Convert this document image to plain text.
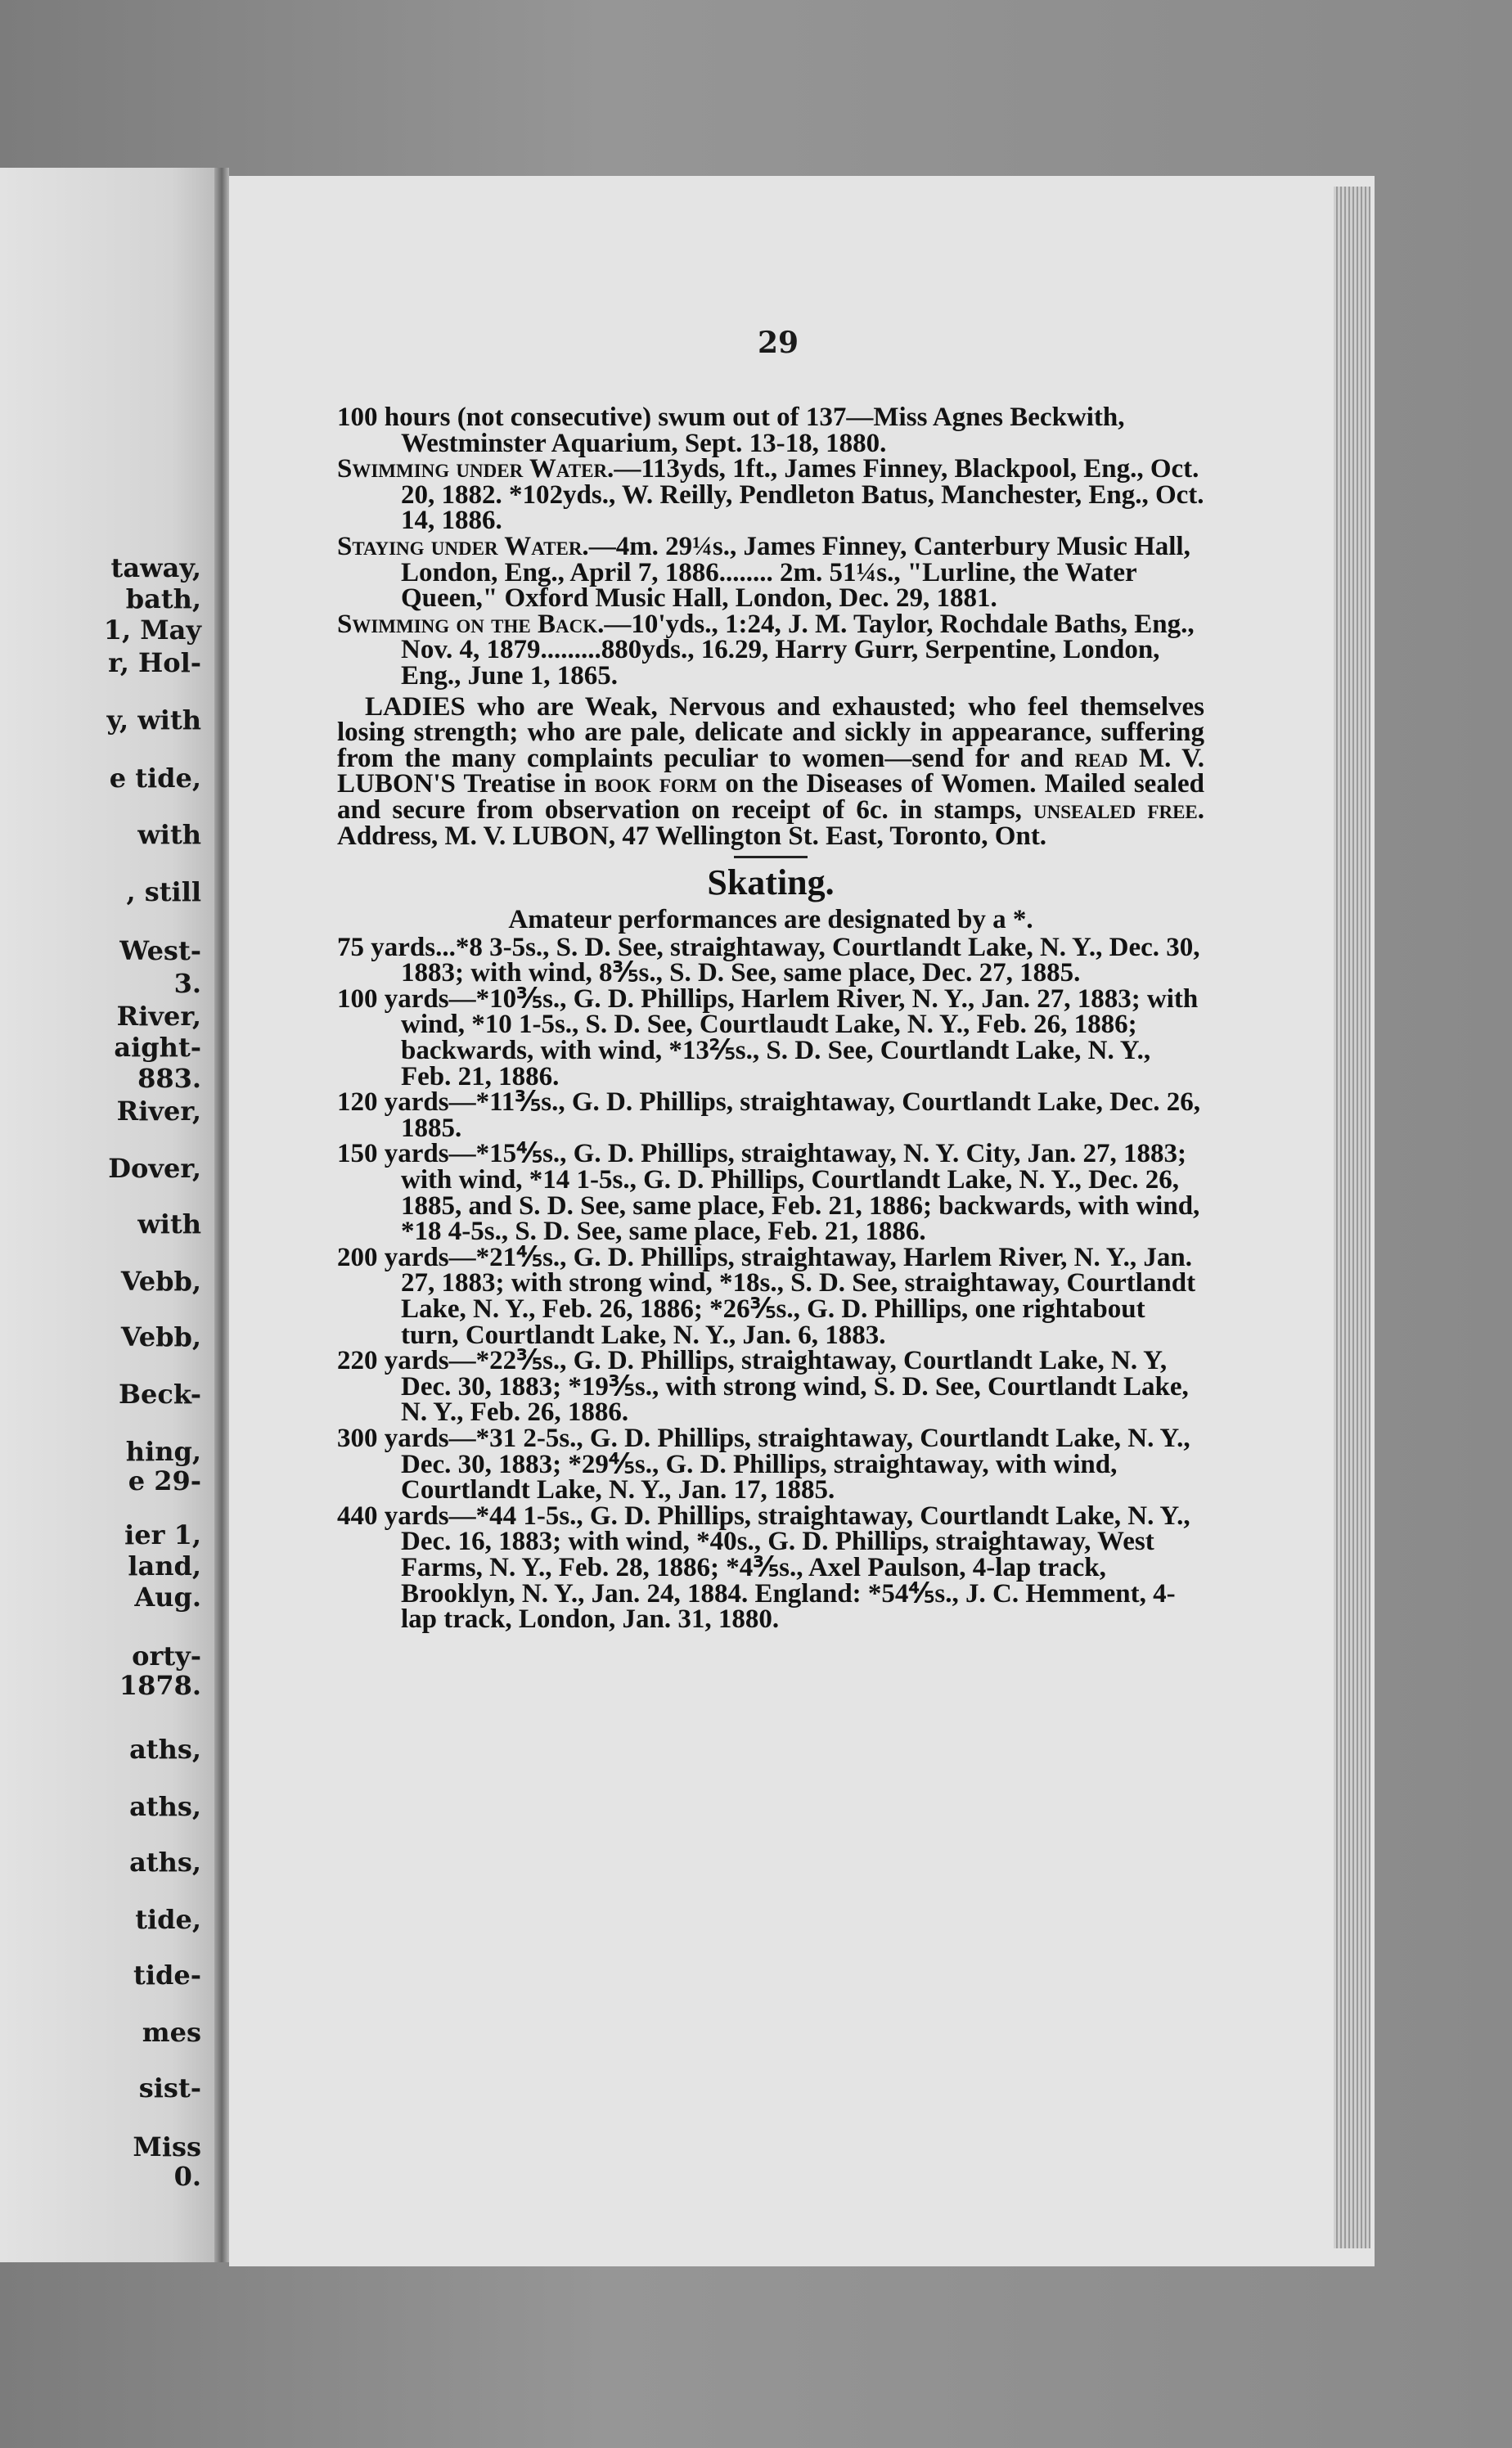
taway,
bath,
1, May
r, Hol-
y, with
e tide,
with
, still
West-
3.
River,
aight-
883.
River,
Dover,
with
Vebb,
Vebb,
Beck-
hing,
e 29-
ier 1,
land,
Aug.
orty-
1878.
aths,
aths,
aths,
tide,
tide-
mes
sist-
Miss
0.
29

100 hours (not consecutive) swum out of 137—Miss Agnes Beckwith, Westminster Aquarium, Sept. 13-18, 1880.

Swimming under Water.—113yds, 1ft., James Finney, Blackpool, Eng., Oct. 20, 1882. *102yds., W. Reilly, Pendleton Batus, Manchester, Eng., Oct. 14, 1886.

Staying under Water.—4m. 29¼s., James Finney, Canterbury Music Hall, London, Eng., April 7, 1886........ 2m. 51¼s., "Lurline, the Water Queen," Oxford Music Hall, London, Dec. 29, 1881.

Swimming on the Back.—10'yds., 1:24, J. M. Taylor, Rochdale Baths, Eng., Nov. 4, 1879.........880yds., 16.29, Harry Gurr, Serpentine, London, Eng., June 1, 1865.

LADIES who are Weak, Nervous and exhausted; who feel themselves losing strength; who are pale, delicate and sickly in appearance, suffering from the many complaints peculiar to women—send for and read M. V. LUBON'S Treatise in book form on the Diseases of Women. Mailed sealed and secure from observation on receipt of 6c. in stamps, unsealed free. Address, M. V. LUBON, 47 Wellington St. East, Toronto, Ont.

Skating.

Amateur performances are designated by a *.

75 yards...*8 3-5s., S. D. See, straightaway, Courtlandt Lake, N. Y., Dec. 30, 1883; with wind, 8⅗s., S. D. See, same place, Dec. 27, 1885.

100 yards—*10⅗s., G. D. Phillips, Harlem River, N. Y., Jan. 27, 1883; with wind, *10 1-5s., S. D. See, Courtlaudt Lake, N. Y., Feb. 26, 1886; backwards, with wind, *13⅖s., S. D. See, Courtlandt Lake, N. Y., Feb. 21, 1886.

120 yards—*11⅗s., G. D. Phillips, straightaway, Courtlandt Lake, Dec. 26, 1885.

150 yards—*15⅘s., G. D. Phillips, straightaway, N. Y. City, Jan. 27, 1883; with wind, *14 1-5s., G. D. Phillips, Courtlandt Lake, N. Y., Dec. 26, 1885, and S. D. See, same place, Feb. 21, 1886; backwards, with wind, *18 4-5s., S. D. See, same place, Feb. 21, 1886.

200 yards—*21⅘s., G. D. Phillips, straightaway, Harlem River, N. Y., Jan. 27, 1883; with strong wind, *18s., S. D. See, straightaway, Courtlandt Lake, N. Y., Feb. 26, 1886; *26⅗s., G. D. Phillips, one rightabout turn, Courtlandt Lake, N. Y., Jan. 6, 1883.

220 yards—*22⅗s., G. D. Phillips, straightaway, Courtlandt Lake, N. Y, Dec. 30, 1883; *19⅗s., with strong wind, S. D. See, Courtlandt Lake, N. Y., Feb. 26, 1886.

300 yards—*31 2-5s., G. D. Phillips, straightaway, Courtlandt Lake, N. Y., Dec. 30, 1883; *29⅘s., G. D. Phillips, straightaway, with wind, Courtlandt Lake, N. Y., Jan. 17, 1885.

440 yards—*44 1-5s., G. D. Phillips, straightaway, Courtlandt Lake, N. Y., Dec. 16, 1883; with wind, *40s., G. D. Phillips, straightaway, West Farms, N. Y., Feb. 28, 1886; *4⅗s., Axel Paulson, 4-lap track, Brooklyn, N. Y., Jan. 24, 1884. England: *54⅘s., J. C. Hemment, 4-lap track, London, Jan. 31, 1880.
